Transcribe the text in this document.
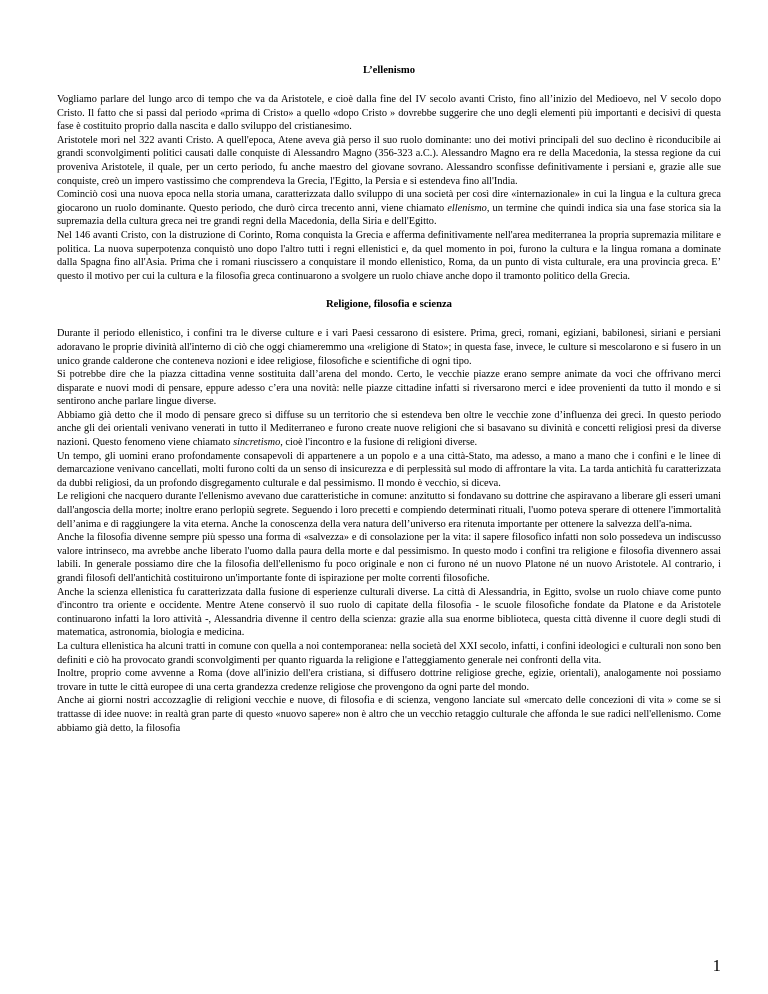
L’ellenismo

Vogliamo parlare del lungo arco di tempo che va da Aristotele, e cioè dalla fine del IV secolo avanti Cristo, fino all’inizio del Medioevo, nel V secolo dopo Cristo. Il fatto che si passi dal periodo «prima di Cristo» a quello «dopo Cristo » dovrebbe suggerire che uno degli elementi più importanti e decisivi di questa fase è costituito proprio dalla nascita e dallo sviluppo del cristianesimo.

Aristotele morì nel 322 avanti Cristo. A quell'epoca, Atene aveva già perso il suo ruolo dominante: uno dei motivi principali del suo declino è riconducibile ai grandi sconvolgimenti politici causati dalle conquiste di Alessandro Magno (356-323 a.C.). Alessandro Magno era re della Macedonia, la stessa regione da cui proveniva Aristotele, il quale, per un certo periodo, fu anche maestro del giovane sovrano. Alessandro sconfisse definitivamente i persiani e, grazie alle sue conquiste, creò un impero vastissimo che comprendeva la Grecia, l'Egitto, la Persia e si estendeva fino all'India.

Cominciò così una nuova epoca nella storia umana, caratterizzata dallo sviluppo di una società per così dire «internazionale» in cui la lingua e la cultura greca giocarono un ruolo dominante. Questo periodo, che durò circa trecento anni, viene chiamato ellenismo, un termine che quindi indica sia una fase storica sia la supremazia della cultura greca nei tre grandi regni della Macedonia, della Siria e dell'Egitto.

Nel 146 avanti Cristo, con la distruzione di Corinto, Roma conquista la Grecia e afferma definitivamente nell'area mediterranea la propria supremazia militare e politica. La nuova superpotenza conquistò uno dopo l'altro tutti i regni ellenistici e, da quel momento in poi, furono la cultura e la lingua romana a dominate dalla Spagna fino all'Asia. Prima che i romani riuscissero a conquistare il mondo ellenistico, Roma, da un punto di vista culturale, era una provincia greca. E’ questo il motivo per cui la cultura e la filosofia greca continuarono a svolgere un ruolo chiave anche dopo il tramonto politico della Grecia.

Religione, filosofia e scienza

Durante il periodo ellenistico, i confini tra le diverse culture e i vari Paesi cessarono di esistere. Prima, greci, romani, egiziani, babilonesi, siriani e persiani adoravano le proprie divinità all'interno di ciò che oggi chiameremmo una «religione di Stato»; in questa fase, invece, le culture si mescolarono e si fusero in un unico grande calderone che conteneva nozioni e idee religiose, filosofiche e scientifiche di ogni tipo.

Si potrebbe dire che la piazza cittadina venne sostituita dall’arena del mondo. Certo, le vecchie piazze erano sempre animate da voci che offrivano merci disparate e nuovi modi di pensare, eppure adesso c’era una novità: nelle piazze cittadine infatti si riversarono merci e idee provenienti da tutto il mondo e si sentirono anche parlare lingue diverse.

Abbiamo già detto che il modo di pensare greco si diffuse su un territorio che si estendeva ben oltre le vecchie zone d’influenza dei greci. In questo periodo anche gli dei orientali venivano venerati in tutto il Mediterraneo e furono create nuove religioni che si basavano su divinità e concetti religiosi presi da diverse nazioni. Questo fenomeno viene chiamato sincretismo, cioè l'incontro e la fusione di religioni diverse.

Un tempo, gli uomini erano profondamente consapevoli di appartenere a un popolo e a una città-Stato, ma adesso, a mano a mano che i confini e le linee di demarcazione venivano cancellati, molti furono colti da un senso di insicurezza e di perplessità sul modo di affrontare la vita. La tarda antichità fu caratterizzata da dubbi religiosi, da un profondo disgregamento culturale e dal pessimismo. Il mondo è vecchio, si diceva.

Le religioni che nacquero durante l'ellenismo avevano due caratteristiche in comune: anzitutto si fondavano su dottrine che aspiravano a liberare gli esseri umani dall'angoscia della morte; inoltre erano perlopiù segrete. Seguendo i loro precetti e compiendo determinati rituali, l'uomo poteva sperare di ottenere l'immortalità dell’anima e di raggiungere la vita eterna. Anche la conoscenza della vera natura dell’universo era ritenuta importante per ottenere la salvezza dell'a-nima.

Anche la filosofia divenne sempre più spesso una forma di «salvezza» e di consolazione per la vita: il sapere filosofico infatti non solo possedeva un indiscusso valore intrinseco, ma avrebbe anche liberato l'uomo dalla paura della morte e dal pessimismo. In questo modo i confini tra religione e filosofia divennero assai labili. In generale possiamo dire che la filosofia dell'ellenismo fu poco originale e non ci furono né un nuovo Platone né un nuovo Aristotele. Al contrario, i grandi filosofi dell'antichità costituirono un'importante fonte di ispirazione per molte correnti filosofiche.

Anche la scienza ellenistica fu caratterizzata dalla fusione di esperienze culturali diverse. La città di Alessandria, in Egitto, svolse un ruolo chiave come punto d'incontro tra oriente e occidente. Mentre Atene conservò il suo ruolo di capitate della filosofia - le scuole filosofiche fondate da Platone e da Aristotele continuarono infatti la loro attività -, Alessandria divenne il centro della scienza: grazie alla sua enorme biblioteca, questa città divenne il cuore degli studi di matematica, astronomia, biologia e medicina.

La cultura ellenistica ha alcuni tratti in comune con quella a noi contemporanea: nella società del XXI secolo, infatti, i confini ideologici e culturali non sono ben definiti e ciò ha provocato grandi sconvolgimenti per quanto riguarda la religione e l'atteggiamento generale nei confronti della vita.

Inoltre, proprio come avvenne a Roma (dove all'inizio dell'era cristiana, si diffusero dottrine religiose greche, egizie, orientali), analogamente noi possiamo trovare in tutte le città europee di una certa grandezza credenze religiose che provengono da ogni parte del mondo.

Anche ai giorni nostri accozzaglie di religioni vecchie e nuove, di filosofia e di scienza, vengono lanciate sul «mercato delle concezioni di vita » come se si trattasse di idee nuove: in realtà gran parte di questo «nuovo sapere» non è altro che un vecchio retaggio culturale che affonda le sue radici nell'ellenismo. Come abbiamo già detto, la filosofia

1
